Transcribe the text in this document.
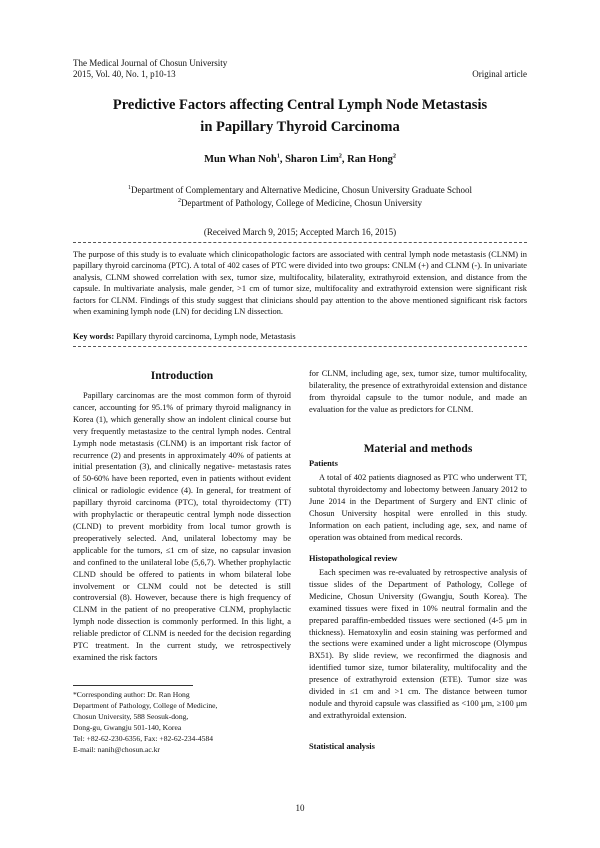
The Medical Journal of Chosun University
2015, Vol. 40, No. 1, p10-13	Original article
Predictive Factors affecting Central Lymph Node Metastasis
in Papillary Thyroid Carcinoma
Mun Whan Noh$^1$, Sharon Lim$^2$, Ran Hong$^2$
$^1$Department of Complementary and Alternative Medicine, Chosun University Graduate School
$^2$Department of Pathology, College of Medicine, Chosun University
(Received March 9, 2015; Accepted March 16, 2015)
The purpose of this study is to evaluate which clinicopathologic factors are associated with central lymph node metastasis (CLNM) in papillary thyroid carcinoma (PTC). A total of 402 cases of PTC were divided into two groups: CNLM (+) and CLNM (-). In univariate analysis, CLNM showed correlation with sex, tumor size, multifocality, bilaterality, extrathyroid extension, and distance from the capsule. In multivariate analysis, male gender, >1 cm of tumor size, multifocality and extrathyroid extension were significant risk factors for CLNM. Findings of this study suggest that clinicians should pay attention to the above mentioned significant risk factors when examining lymph node (LN) for deciding LN dissection.
Key words: Papillary thyroid carcinoma, Lymph node, Metastasis
Introduction

Papillary carcinomas are the most common form of thyroid cancer, accounting for 95.1% of primary thyroid malignancy in Korea (1), which generally show an indolent clinical course but very frequently metastasize to the central lymph nodes. Central Lymph node metastasis (CLNM) is an important risk factor of recurrence (2) and presents in approximately 40% of patients at initial presentation (3), and clinically negative- metastasis rates of 50-60% have been reported, even in patients without evident clinical or radiologic evidence (4). In general, for treatment of papillary thyroid carcinoma (PTC), total thyroidectomy (TT) with prophylactic or therapeutic central lymph node dissection (CLND) to prevent morbidity from local tumor growth is preoperatively selected. And, unilateral lobectomy may be applicable for the tumors, ≤1 cm of size, no capsular invasion and confined to the unilateral lobe (5,6,7). Whether prophylactic CLND should be offered to patients in whom bilateral lobe involvement or CLNM could not be detected is still controversial (8). However, because there is high frequency of CLNM in the patient of no preoperative CLNM, prophylactic lymph node dissection is commonly performed. In this light, a reliable predictor of CLNM is needed for the decision regarding PTC treatment. In the current study, we retrospectively examined the risk factors

*Corresponding author: Dr. Ran Hong
Department of Pathology, College of Medicine,
Chosun University, 588 Seosuk-dong,
Dong-gu, Gwangju 501-140, Korea
Tel: +82-62-230-6356, Fax: +82-62-234-4584
E-mail: nanih@chosun.ac.kr

for CLNM, including age, sex, tumor size, tumor multifocality, bilaterality, the presence of extrathyroidal extension and distance from thyroidal capsule to the tumor nodule, and made an evaluation for the value as predictors for CLNM.

Material and methods
Patients

A total of 402 patients diagnosed as PTC who underwent TT, subtotal thyroidectomy and lobectomy between January 2012 to June 2014 in the Department of Surgery and ENT clinic of Chosun University hospital were enrolled in this study. Information on each patient, including age, sex, and name of operation was obtained from medical records.

Histopathological review

Each specimen was re-evaluated by retrospective analysis of tissue slides of the Department of Pathology, College of Medicine, Chosun University (Gwangju, South Korea). The examined tissues were fixed in 10% neutral formalin and the prepared paraffin-embedded tissues were sectioned (4-5 μm in thickness). Hematoxylin and eosin staining was performed and the sections were examined under a light microscope (Olympus BX51). By slide review, we reconfirmed the diagnosis and identified tumor size, tumor bilaterality, multifocality and the presence of extrathyroid extension (ETE). Tumor size was divided in ≤1 cm and >1 cm. The distance between tumor nodule and thyroid capsule was classified as <100 μm, ≥100 μm and extrathyroidal extension.

Statistical analysis
10
